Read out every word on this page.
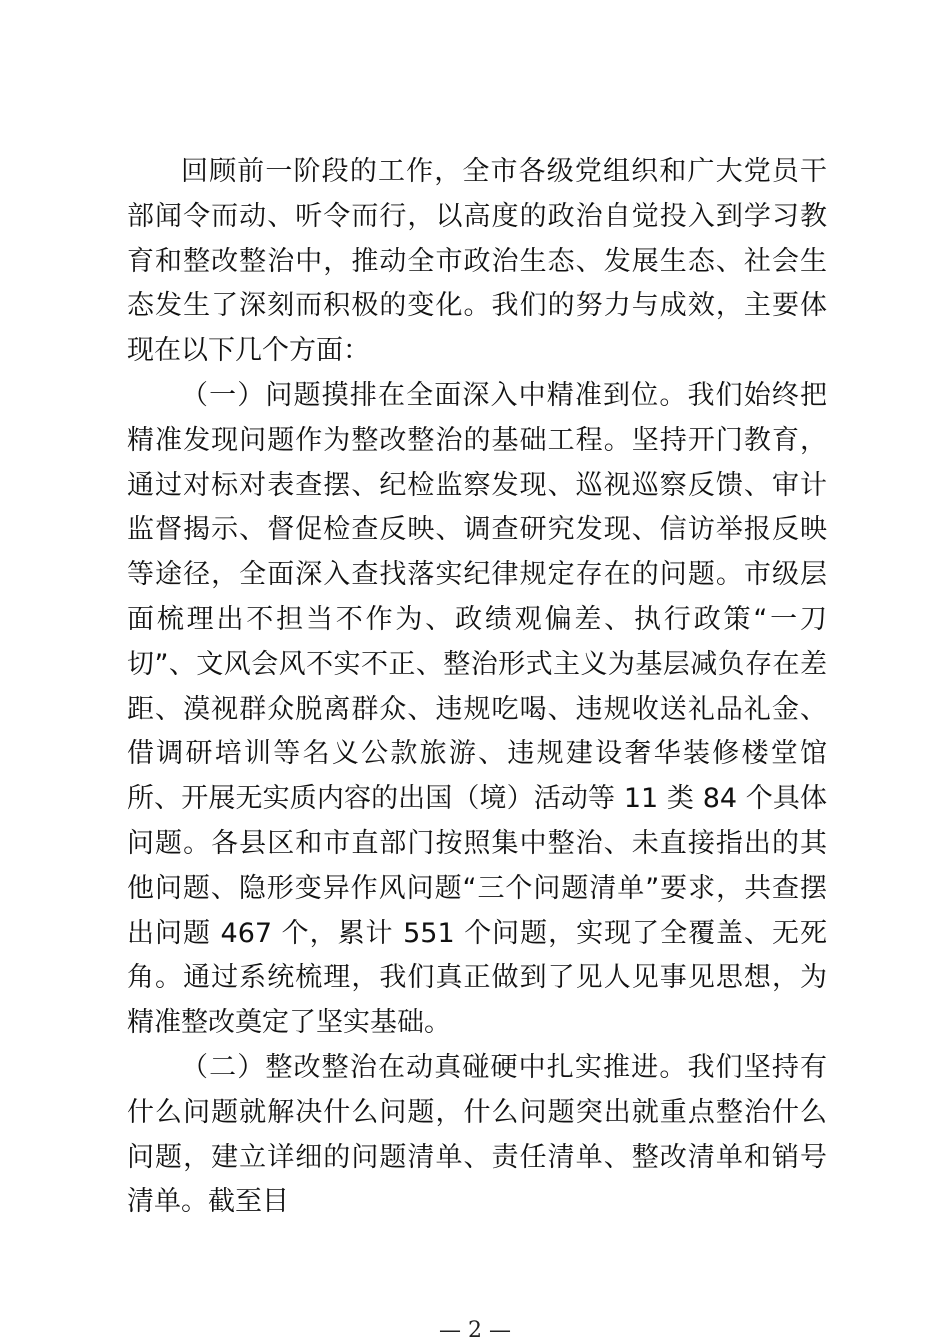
回顾前一阶段的工作，全市各级党组织和广大党员干部闻令而动、听令而行，以高度的政治自觉投入到学习教育和整改整治中，推动全市政治生态、发展生态、社会生态发生了深刻而积极的变化。我们的努力与成效，主要体现在以下几个方面：

（一）问题摸排在全面深入中精准到位。我们始终把精准发现问题作为整改整治的基础工程。坚持开门教育，通过对标对表查摆、纪检监察发现、巡视巡察反馈、审计监督揭示、督促检查反映、调查研究发现、信访举报反映等途径，全面深入查找落实纪律规定存在的问题。市级层面梳理出不担当不作为、政绩观偏差、执行政策“一刀切”、文风会风不实不正、整治形式主义为基层减负存在差距、漠视群众脱离群众、违规吃喝、违规收送礼品礼金、借调研培训等名义公款旅游、违规建设奢华装修楼堂馆所、开展无实质内容的出国（境）活动等 11 类 84 个具体问题。各县区和市直部门按照集中整治、未直接指出的其他问题、隐形变异作风问题“三个问题清单”要求，共查摆出问题 467 个，累计 551 个问题，实现了全覆盖、无死角。通过系统梳理，我们真正做到了见人见事见思想，为精准整改奠定了坚实基础。

（二）整改整治在动真碰硬中扎实推进。我们坚持有什么问题就解决什么问题，什么问题突出就重点整治什么问题，建立详细的问题清单、责任清单、整改清单和销号清单。截至目

— 2 —
